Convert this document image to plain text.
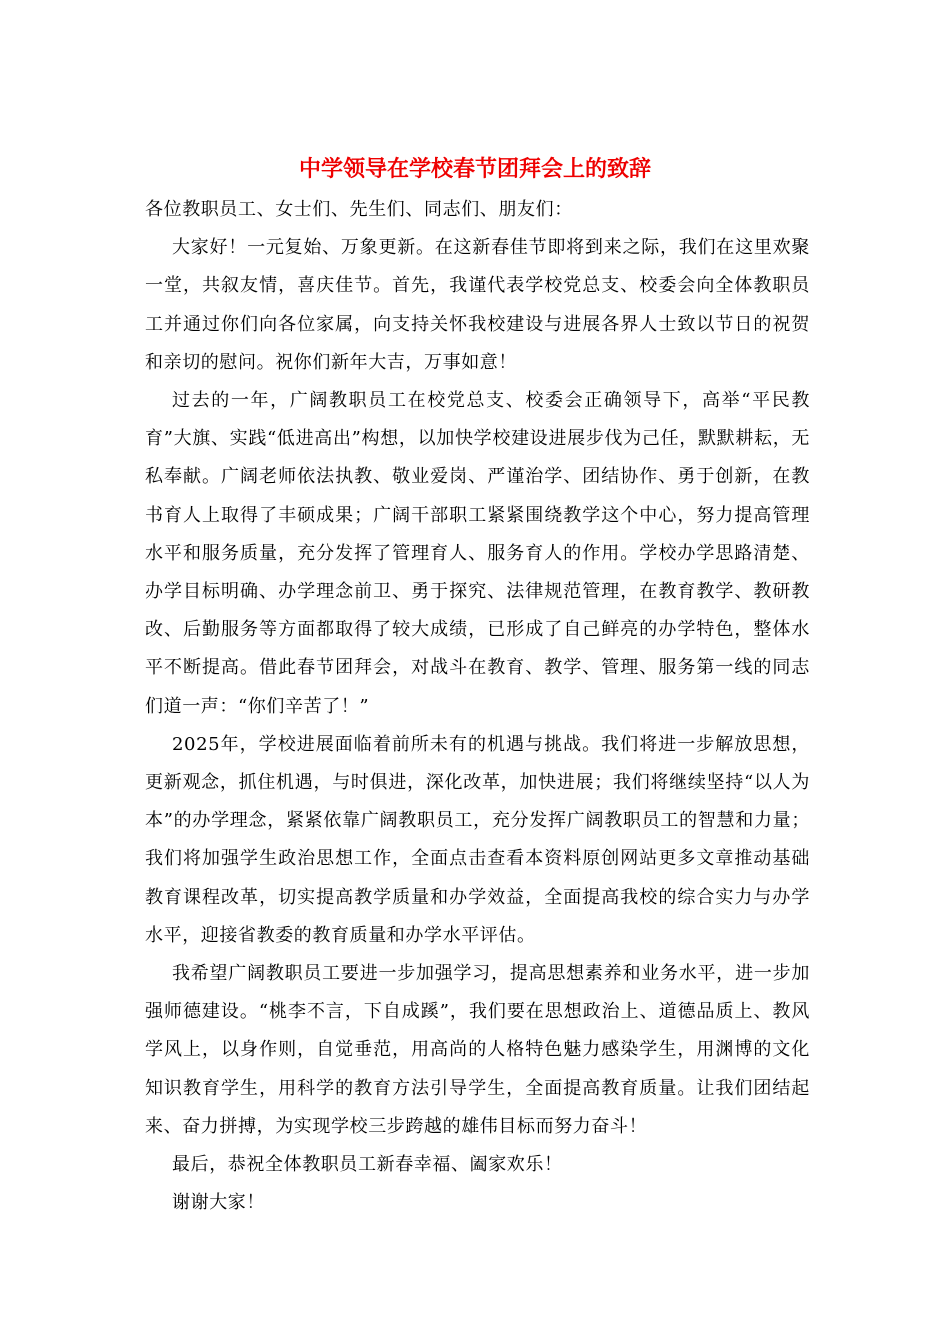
中学领导在学校春节团拜会上的致辞

各位教职员工、女士们、先生们、同志们、朋友们：

大家好！一元复始、万象更新。在这新春佳节即将到来之际，我们在这里欢聚一堂，共叙友情，喜庆佳节。首先，我谨代表学校党总支、校委会向全体教职员工并通过你们向各位家属，向支持关怀我校建设与进展各界人士致以节日的祝贺和亲切的慰问。祝你们新年大吉，万事如意！

过去的一年，广阔教职员工在校党总支、校委会正确领导下，高举“平民教育”大旗、实践“低进高出”构想，以加快学校建设进展步伐为己任，默默耕耘，无私奉献。广阔老师依法执教、敬业爱岗、严谨治学、团结协作、勇于创新，在教书育人上取得了丰硕成果；广阔干部职工紧紧围绕教学这个中心，努力提高管理水平和服务质量，充分发挥了管理育人、服务育人的作用。学校办学思路清楚、办学目标明确、办学理念前卫、勇于探究、法律规范管理，在教育教学、教研教改、后勤服务等方面都取得了较大成绩，已形成了自己鲜亮的办学特色，整体水平不断提高。借此春节团拜会，对战斗在教育、教学、管理、服务第一线的同志们道一声：“你们辛苦了！”

2025年，学校进展面临着前所未有的机遇与挑战。我们将进一步解放思想，更新观念，抓住机遇，与时俱进，深化改革，加快进展；我们将继续坚持“以人为本”的办学理念，紧紧依靠广阔教职员工，充分发挥广阔教职员工的智慧和力量；我们将加强学生政治思想工作，全面点击查看本资料原创网站更多文章推动基础教育课程改革，切实提高教学质量和办学效益，全面提高我校的综合实力与办学水平，迎接省教委的教育质量和办学水平评估。

我希望广阔教职员工要进一步加强学习，提高思想素养和业务水平，进一步加强师德建设。“桃李不言，下自成蹊”，我们要在思想政治上、道德品质上、教风学风上，以身作则，自觉垂范，用高尚的人格特色魅力感染学生，用渊博的文化知识教育学生，用科学的教育方法引导学生，全面提高教育质量。让我们团结起来、奋力拼搏，为实现学校三步跨越的雄伟目标而努力奋斗！

最后，恭祝全体教职员工新春幸福、阖家欢乐！

谢谢大家！
